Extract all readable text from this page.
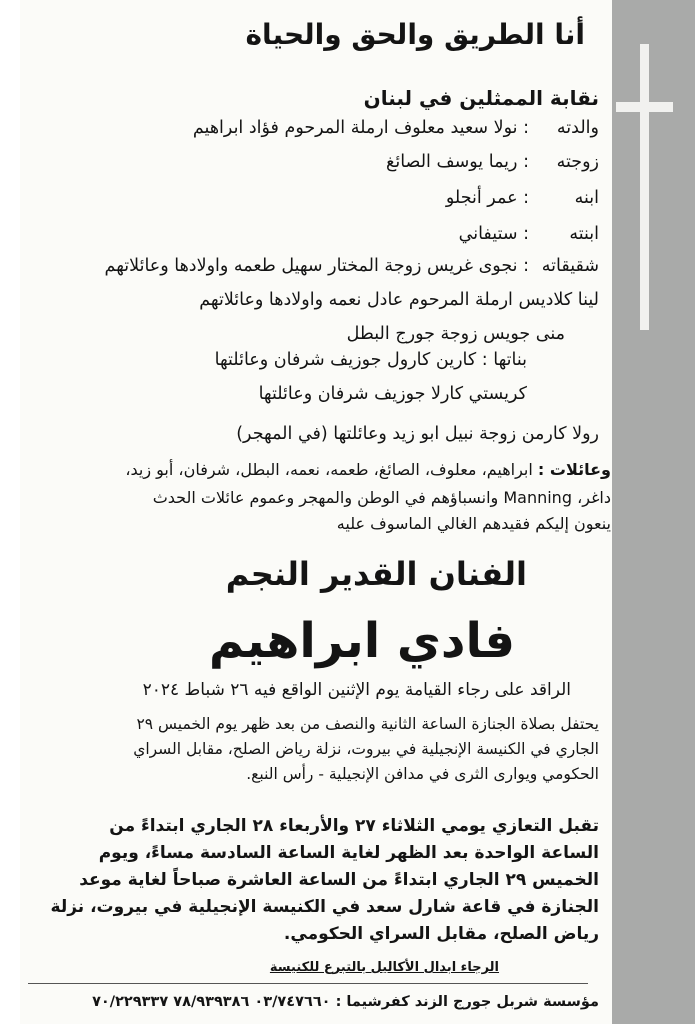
أنا الطريق والحق والحياة
نقابة الممثلين في لبنان
والدته: نولا سعيد معلوف ارملة المرحوم فؤاد ابراهيم
زوجته: ريما يوسف الصائغ
ابنه: عمر أنجلو
ابنته: ستيفاني
شقيقاته: نجوى غريس زوجة المختار سهيل طعمه واولادها وعائلاتهم
لينا كلاديس ارملة المرحوم عادل نعمه واولادها وعائلاتهم
منى جويس زوجة جورج البطل
بناتها : كارين كارول جوزيف شرفان وعائلتها
كريستي كارلا جوزيف شرفان وعائلتها
رولا كارمن زوجة نبيل ابو زيد وعائلتها (في المهجر)
وعائلات : ابراهيم، معلوف، الصائغ، طعمه، نعمه، البطل، شرفان، أبو زيد،
داغر، Manning وانسباؤهم في الوطن والمهجر وعموم عائلات الحدث
ينعون إليكم فقيدهم الغالي الماسوف عليه
الفنان القدير النجم
فادي ابراهيم
الراقد على رجاء القيامة يوم الإثنين الواقع فيه ٢٦ شباط ٢٠٢٤
يحتفل بصلاة الجنازة الساعة الثانية والنصف من بعد ظهر يوم الخميس ٢٩
الجاري في الكنيسة الإنجيلية في بيروت، نزلة رياض الصلح، مقابل السراي
الحكومي ويوارى الثرى في مدافن الإنجيلية - رأس النبع.
تقبل التعازي يومي الثلاثاء ٢٧ والأربعاء ٢٨ الجاري ابتداءً من
الساعة الواحدة بعد الظهر لغاية الساعة السادسة مساءً، ويوم
الخميس ٢٩ الجاري ابتداءً من الساعة العاشرة صباحاً لغاية موعد
الجنازة في قاعة شارل سعد في الكنيسة الإنجيلية في بيروت، نزلة
رياض الصلح، مقابل السراي الحكومي.
الرجاء ابدال الأكاليل بالتبرع للكنيسة
مؤسسة شربل جورج الزند كفرشيما : ٠٣/٧٤٧٦٦٠ ٧٨/٩٣٩٣٨٦ ٧٠/٢٢٩٣٣٧
